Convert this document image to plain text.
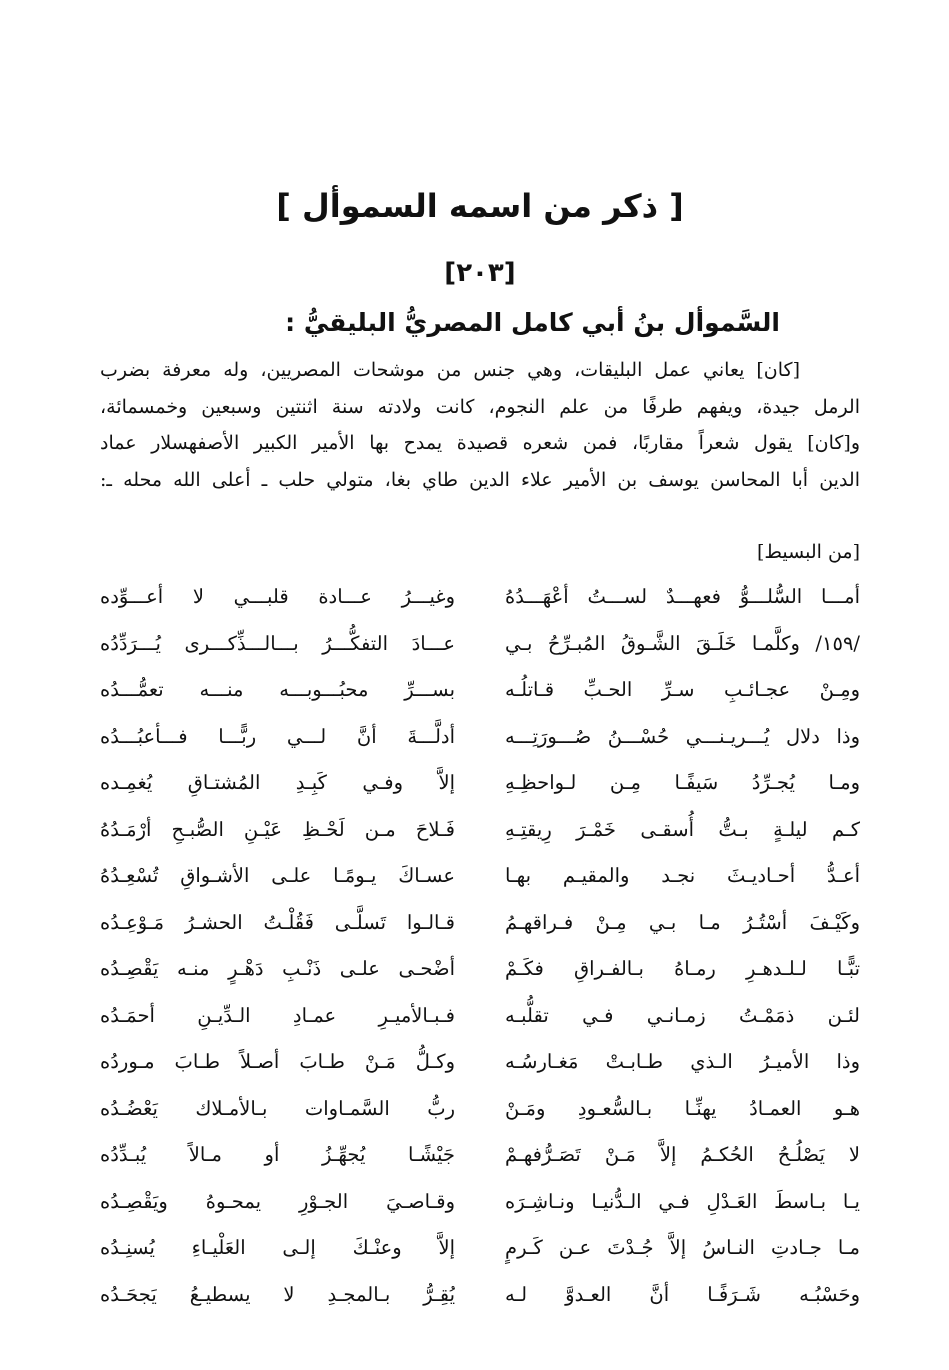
[ ذكر من اسمه السموأل ]
[٢٠٣]
السَّموأل بنُ أبي كامل المصريُّ البليقيُّ :
[كان] يعاني عمل البليقات، وهي جنس من موشحات المصريين، وله معرفة بضرب
الرمل جيدة، ويفهم طرفًا من علم النجوم، كانت ولادته سنة اثنتين وسبعين وخمسمائة،
و[كان] يقول شعراً مقاربًا، فمن شعره قصيدة يمدح بها الأمير الكبير الأصفهسلار عماد
الدين أبا المحاسن يوسف بن الأمير علاء الدين طاي بغا، متولي حلب ـ أعلى الله محله ـ:
[من البسيط]
أمـــا السُّلـــوُّ فعهـــدٌ لســـتُ أعْهَـــدُهُ
وغيـــرُ عـــادة قلبـــي لا أعـــوِّده
/١٥٩/ وكلَّمـا خَلَـقَ الشَّـوقُ المُبـرِّحُ بـي
عـــادَ التفكُّـــرُ بـــالـــذِّكـــرى يُـــرَدِّدُه
ومِـنْ عجـائـبِ سـرِّ الحـبِّ قـاتلُـه
بســـرِّ محبُـــوبـــه منـــه تعمُّـــدُه
وذا دلال يُـــريـنـــي حُسْـــنُ صُـــورَتِـــه
أدلَّـــةَ أنَّ لـــي ربًّـــا فـــأعبُـــدُه
ومـا يُجـرِّدُ سَيفًـا مِـن لـواحظِـهِ
إلاَّ وفـي كَبِـدِ المُشتـاقِ يُغمِـده
كـم ليلـةٍ بـتُّ أُسقـى خَمْـرَ رِيقتِـهِ
فَـلاحَ مـن لَحْـظِ عَيْـنِ الصُّبـحِ أرْمَـدُهُ
أعـدُّ أحـاديـثَ نجـد والمقيـم بهـا
عسـاكَ يـومًـا علـى الأشـواقِ تُسْعِـدُهُ
وكَيْـفَ أسْتُـرُ مـا بـي مِـنْ فـراقهـمُ
قـالـوا تَسلَّـى فَقُلْـتُ الحشـرُ مَـوْعِـدُه
تبًّـا لـلـدهـرِ رمـاهُ بـالفـراقِ فكَـمْ
أضْحـى علـى ذَنْـبِ دَهْـرٍ منـه يَقْصِـدُه
لئـن ذمَمْـتُ زمـانـي فـي تقلُّبـه
فـبـالأميـرِ عمـادِ الـدِّيـنِ أحمَـدُه
وذا الأميـرُ الـذي طـابـتْ مَغـارسُـه
وكـلُّ مَـنْ طـابَ أصـلاً طـابَ مـوردُه
هـو العمـادُ يهنِّـا بـالسُّعـودِ ومَـنْ
ربُّ السَّمـاوات بـالأمـلاك يَعْضُـدُه
لا يَصْلُـحُ الحُكـمُ إلاَّ مَـنْ تَصَـرُّفهـمْ
جَيْشًـا يُجهِّـزُ أو مـالاً يُبـدِّدُه
يـا بـاسطَ العَـدْلِ فـي الـدُّنيـا ونـاشِـرَه
وقـاصـيَ الجـوْرِ يمحـوهُ ويَقْصِـدُه
مـا جـادتِ النـاسُ إلاَّ جُـدْتَ عـن كَـرمٍ
إلاَّ وعنْـكَ إلـى العَلْيـاءِ يُسنِـدُه
وحَسْبُـه شَـرَفًـا أنَّ العـدوَّ لـه
يُقِـرُّ بـالمجـدِ لا يسطيـعُ يَجحَـدُه
